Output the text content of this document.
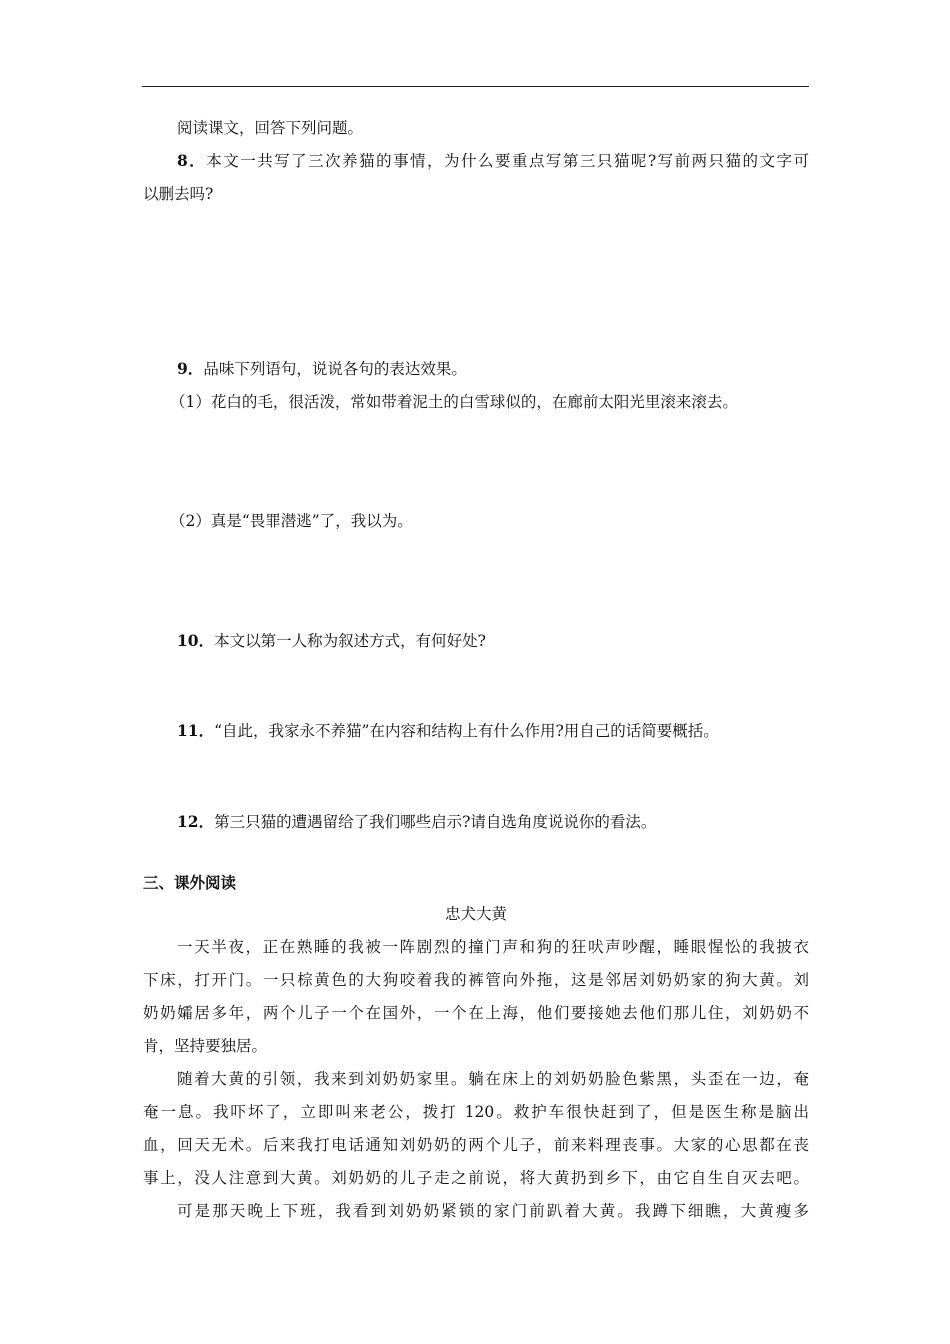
阅读课文，回答下列问题。
8．本文一共写了三次养猫的事情，为什么要重点写第三只猫呢?写前两只猫的文字可
以删去吗?
9．品味下列语句，说说各句的表达效果。
（1）花白的毛，很活泼，常如带着泥土的白雪球似的，在廊前太阳光里滚来滚去。
（2）真是“畏罪潜逃”了，我以为。
10．本文以第一人称为叙述方式，有何好处?
11．“自此，我家永不养猫”在内容和结构上有什么作用?用自己的话简要概括。
12．第三只猫的遭遇留给了我们哪些启示?请自选角度说说你的看法。
三、课外阅读
忠犬大黄
一天半夜，正在熟睡的我被一阵剧烈的撞门声和狗的狂吠声吵醒，睡眼惺忪的我披衣
下床，打开门。一只棕黄色的大狗咬着我的裤管向外拖，这是邻居刘奶奶家的狗大黄。刘
奶奶孀居多年，两个儿子一个在国外，一个在上海，他们要接她去他们那儿住，刘奶奶不
肯，坚持要独居。
随着大黄的引领，我来到刘奶奶家里。躺在床上的刘奶奶脸色紫黑，头歪在一边，奄
奄一息。我吓坏了，立即叫来老公，拨打 120。救护车很快赶到了，但是医生称是脑出
血，回天无术。后来我打电话通知刘奶奶的两个儿子，前来料理丧事。大家的心思都在丧
事上，没人注意到大黄。刘奶奶的儿子走之前说，将大黄扔到乡下，由它自生自灭去吧。
可是那天晚上下班，我看到刘奶奶紧锁的家门前趴着大黄。我蹲下细瞧，大黄瘦多
